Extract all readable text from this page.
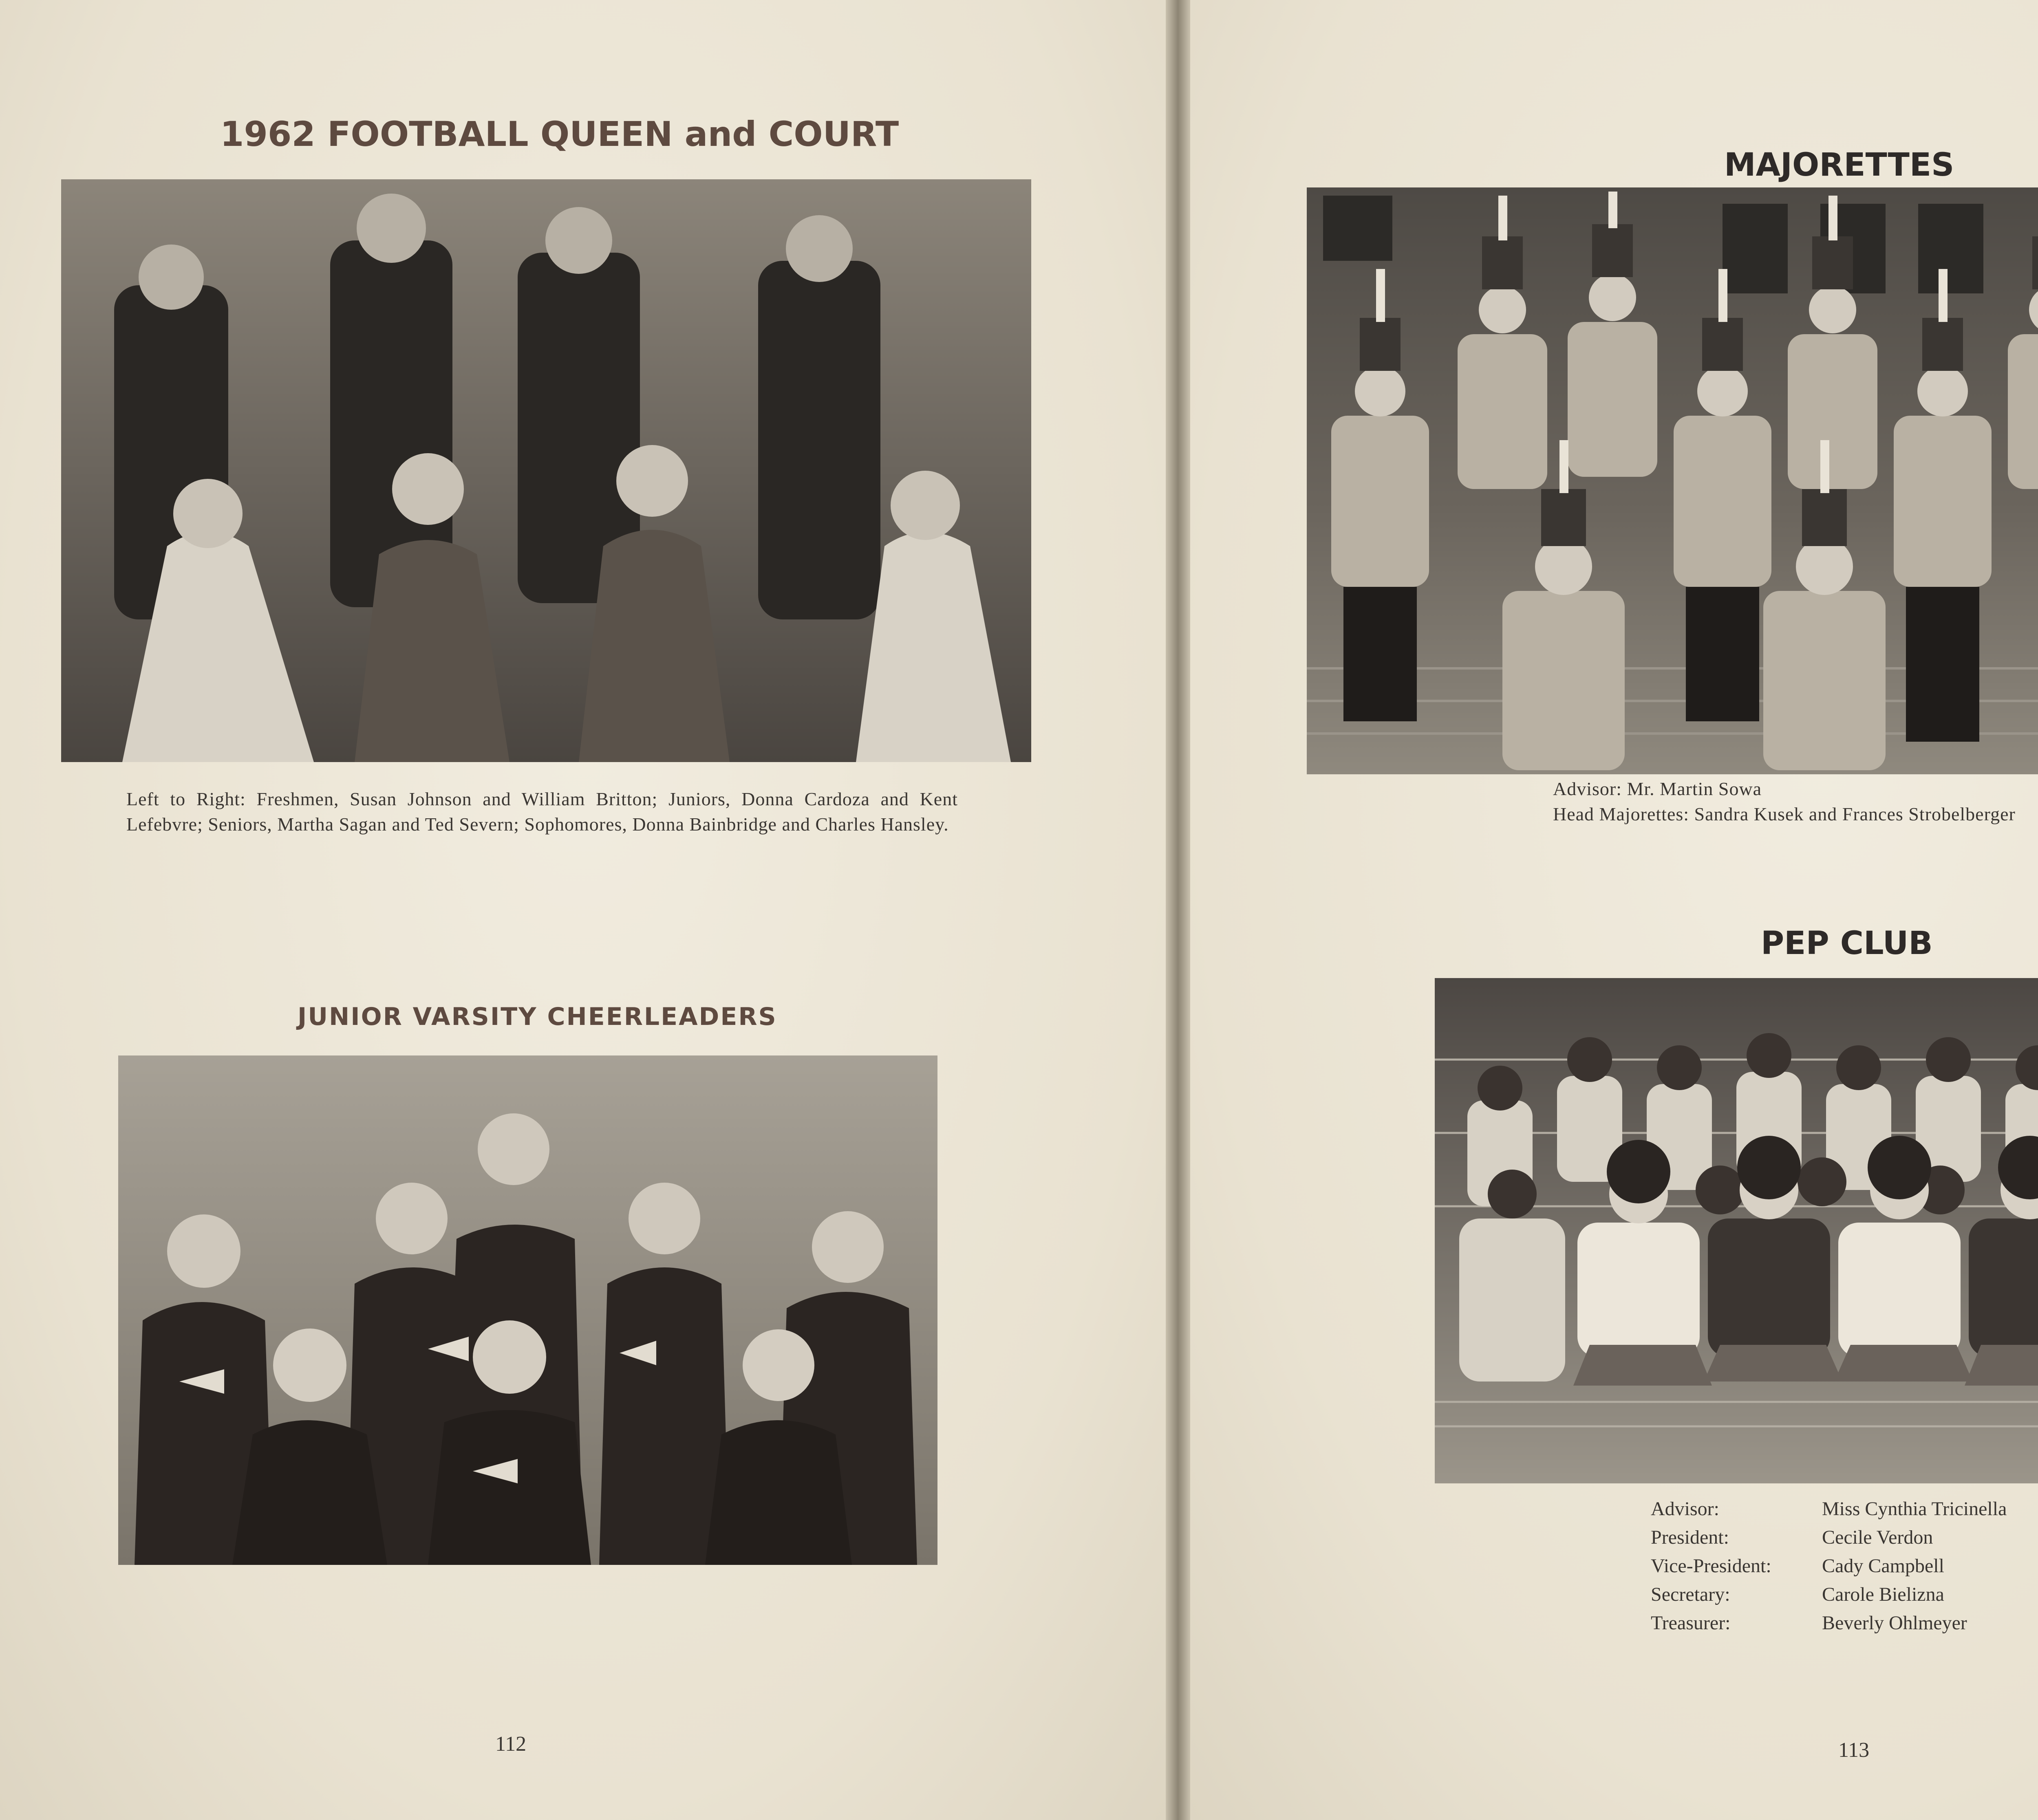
1962 FOOTBALL QUEEN and COURT

Left to Right: Freshmen, Susan Johnson and William Britton; Juniors, Donna Cardoza and Kent Lefebvre; Seniors, Martha Sagan and Ted Severn; Sophomores, Donna Bainbridge and Charles Hansley.

JUNIOR VARSITY CHEERLEADERS
112
MAJORETTES

Advisor: Mr. Martin Sowa

Head Majorettes: Sandra Kusek and Frances Strobelberger

PEP CLUB
Advisor:	Miss Cynthia Tricinella
President:	Cecile Verdon
Vice-President:	Cady Campbell
Secretary:	Carole Bielizna
Treasurer:	Beverly Ohlmeyer
113
